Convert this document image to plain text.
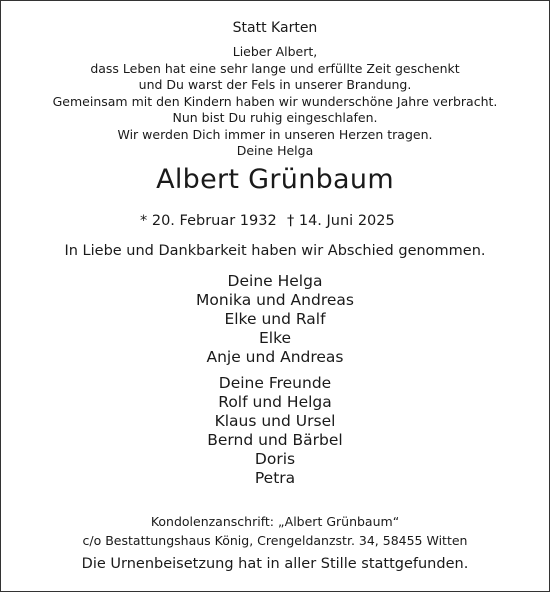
Statt Karten
Lieber Albert,
dass Leben hat eine sehr lange und erfüllte Zeit geschenkt
und Du warst der Fels in unserer Brandung.
Gemeinsam mit den Kindern haben wir wunderschöne Jahre verbracht.
Nun bist Du ruhig eingeschlafen.
Wir werden Dich immer in unseren Herzen tragen.
Deine Helga
Albert Grünbaum
* 20. Februar 1932 † 14. Juni 2025
In Liebe und Dankbarkeit haben wir Abschied genommen.
Deine Helga
Monika und Andreas
Elke und Ralf
Elke
Anje und Andreas
Deine Freunde
Rolf und Helga
Klaus und Ursel
Bernd und Bärbel
Doris
Petra
Kondolenzanschrift: „Albert Grünbaum“
c/o Bestattungshaus König, Crengeldanzstr. 34, 58455 Witten
Die Urnenbeisetzung hat in aller Stille stattgefunden.
